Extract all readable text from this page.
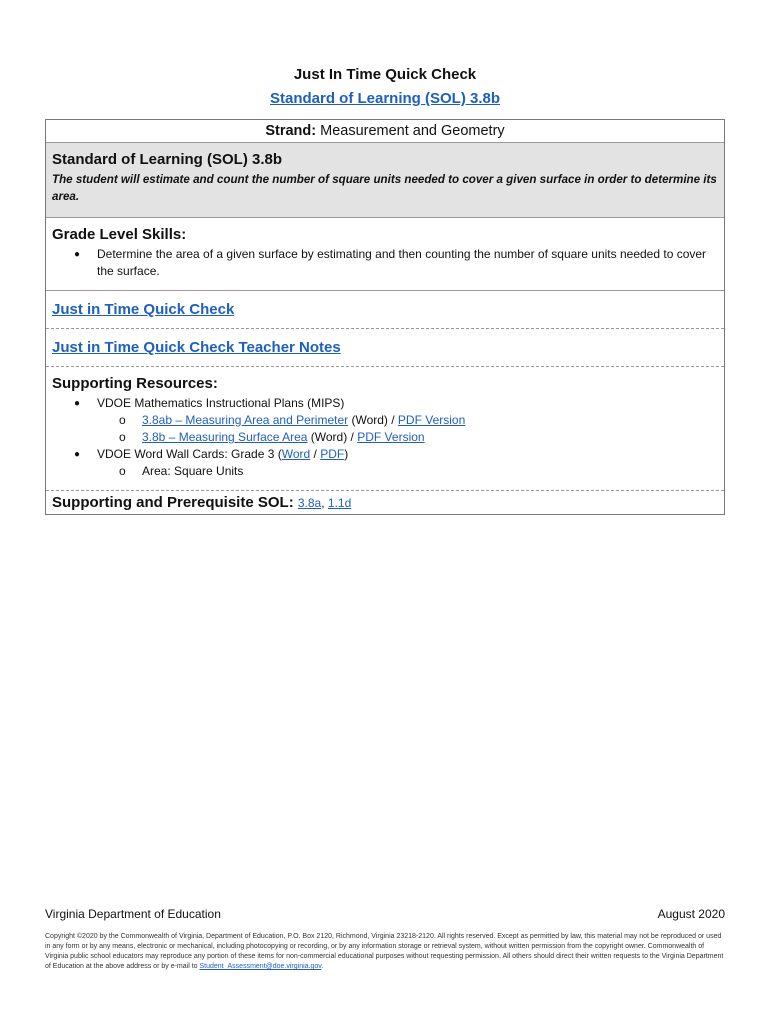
Just In Time Quick Check
Standard of Learning (SOL) 3.8b
Strand: Measurement and Geometry
Standard of Learning (SOL) 3.8b

The student will estimate and count the number of square units needed to cover a given surface in order to determine its area.

Grade Level Skills:
● Determine the area of a given surface by estimating and then counting the number of square units needed to cover the surface.
Just in Time Quick Check
Just in Time Quick Check Teacher Notes
Supporting Resources:
● VDOE Mathematics Instructional Plans (MIPS)
o 3.8ab – Measuring Area and Perimeter (Word) / PDF Version
o 3.8b – Measuring Surface Area (Word) / PDF Version
● VDOE Word Wall Cards: Grade 3 (Word / PDF)
o Area: Square Units
Supporting and Prerequisite SOL: 3.8a, 1.1d
Virginia Department of Education	August 2020
Copyright ©2020 by the Commonwealth of Virginia, Department of Education, P.O. Box 2120, Richmond, Virginia 23218-2120. All rights reserved. Except as permitted by law, this material may not be reproduced or used in any form or by any means, electronic or mechanical, including photocopying or recording, or by any information storage or retrieval system, without written permission from the copyright owner. Commonwealth of Virginia public school educators may reproduce any portion of these items for non-commercial educational purposes without requesting permission. All others should direct their written requests to the Virginia Department of Education at the above address or by e-mail to Student_Assessment@doe.virginia.gov.
